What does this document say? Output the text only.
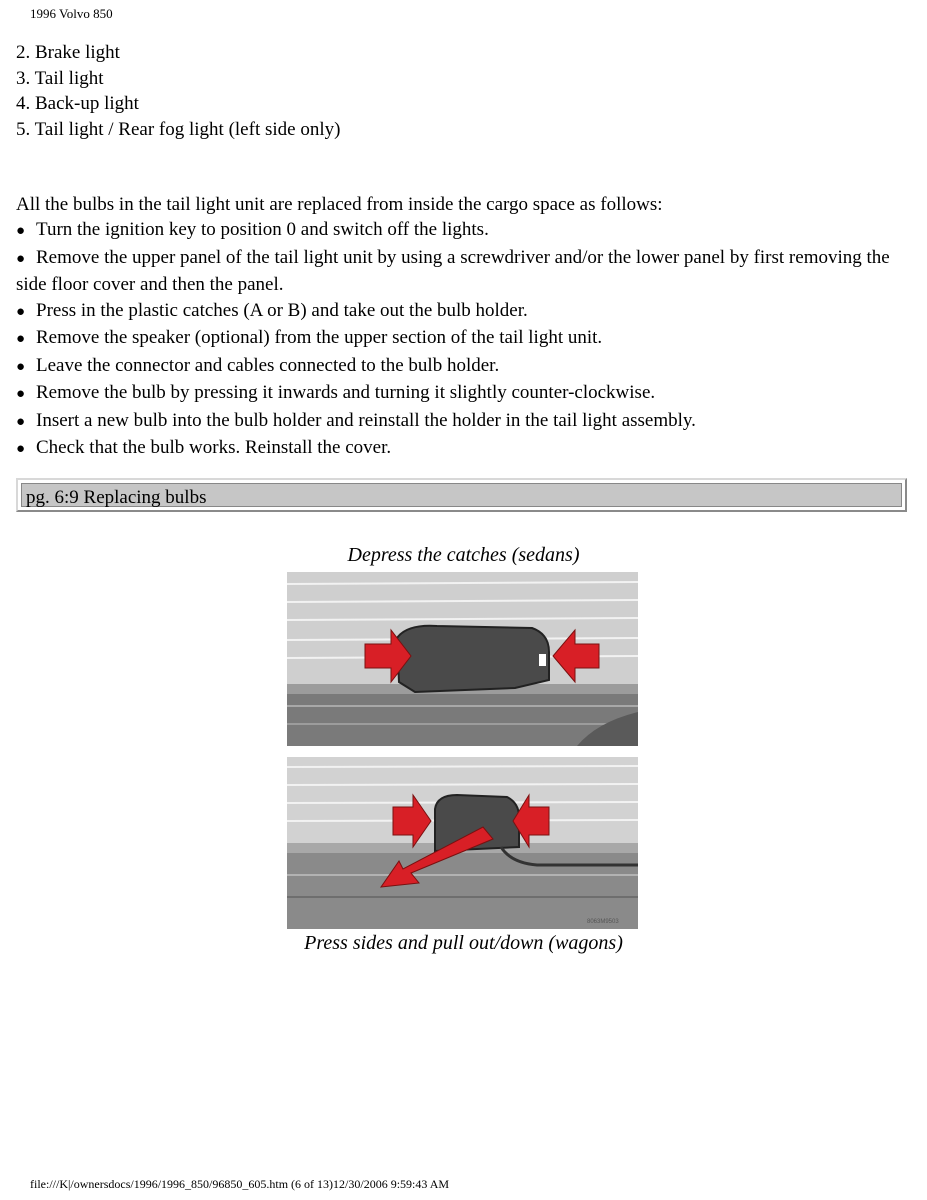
1996 Volvo 850
2. Brake light
3. Tail light
4. Back-up light
5. Tail light / Rear fog light (left side only)
All the bulbs in the tail light unit are replaced from inside the cargo space as follows:
● Turn the ignition key to position 0 and switch off the lights.
● Remove the upper panel of the tail light unit by using a screwdriver and/or the lower panel by first removing the side floor cover and then the panel.
● Press in the plastic catches (A or B) and take out the bulb holder.
● Remove the speaker (optional) from the upper section of the tail light unit.
● Leave the connector and cables connected to the bulb holder.
● Remove the bulb by pressing it inwards and turning it slightly counter-clockwise.
● Insert a new bulb into the bulb holder and reinstall the holder in the tail light assembly.
● Check that the bulb works. Reinstall the cover.
pg. 6:9 Replacing bulbs
Depress the catches (sedans)
8063M9503
Press sides and pull out/down (wagons)
file:///K|/ownersdocs/1996/1996_850/96850_605.htm (6 of 13)12/30/2006 9:59:43 AM
